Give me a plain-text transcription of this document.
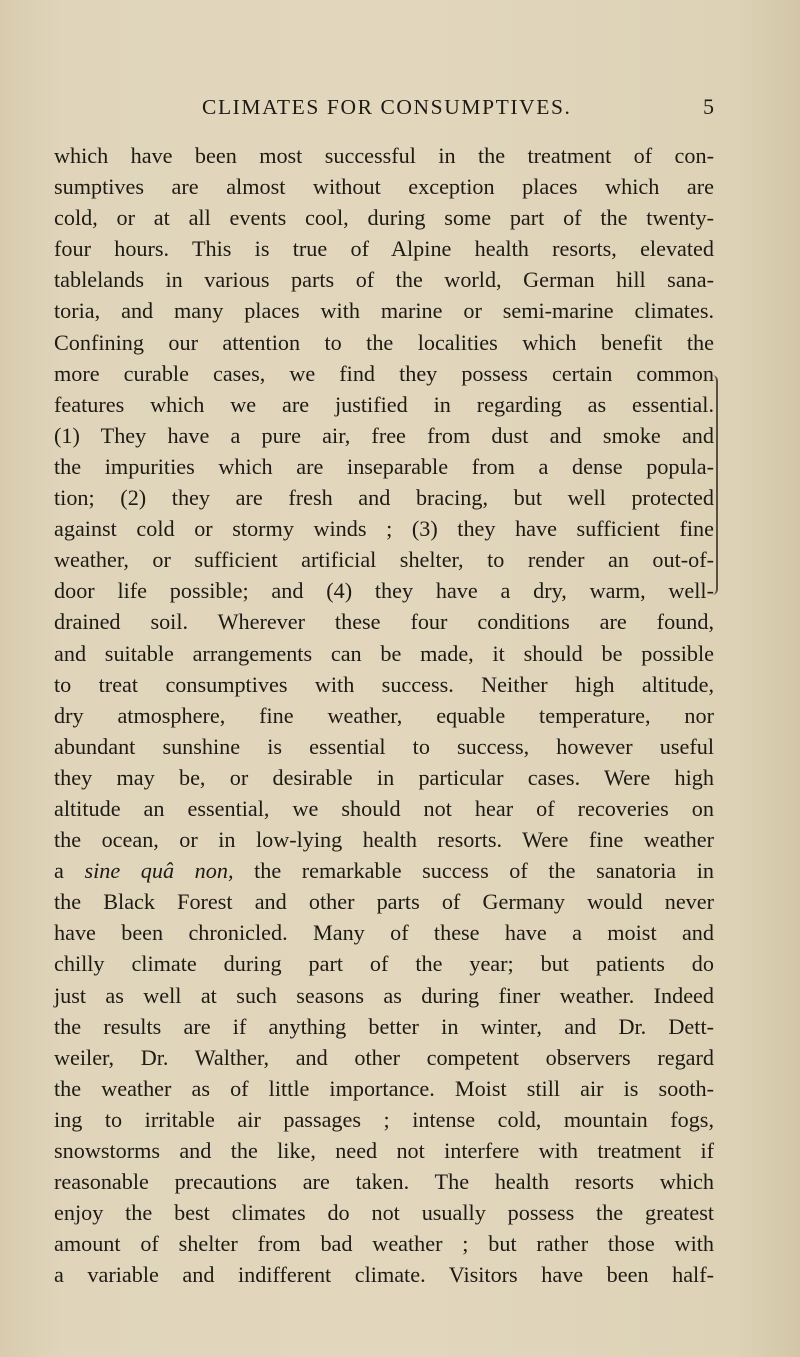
CLIMATES FOR CONSUMPTIVES.	5
which have been most successful in the treatment of con-
sumptives are almost without exception places which are
cold, or at all events cool, during some part of the twenty-
four hours. This is true of Alpine health resorts, elevated
tablelands in various parts of the world, German hill sana-
toria, and many places with marine or semi-marine climates.
Confining our attention to the localities which benefit the
more curable cases, we find they possess certain common
features which we are justified in regarding as essential.
(1) They have a pure air, free from dust and smoke and
the impurities which are inseparable from a dense popula-
tion; (2) they are fresh and bracing, but well protected
against cold or stormy winds ; (3) they have sufficient fine
weather, or sufficient artificial shelter, to render an out-of-
door life possible; and (4) they have a dry, warm, well-
drained soil. Wherever these four conditions are found,
and suitable arrangements can be made, it should be possible
to treat consumptives with success. Neither high altitude,
dry atmosphere, fine weather, equable temperature, nor
abundant sunshine is essential to success, however useful
they may be, or desirable in particular cases. Were high
altitude an essential, we should not hear of recoveries on
the ocean, or in low-lying health resorts. Were fine weather
a sine quâ non, the remarkable success of the sanatoria in
the Black Forest and other parts of Germany would never
have been chronicled. Many of these have a moist and
chilly climate during part of the year; but patients do
just as well at such seasons as during finer weather. Indeed
the results are if anything better in winter, and Dr. Dett-
weiler, Dr. Walther, and other competent observers regard
the weather as of little importance. Moist still air is sooth-
ing to irritable air passages ; intense cold, mountain fogs,
snowstorms and the like, need not interfere with treatment if
reasonable precautions are taken. The health resorts which
enjoy the best climates do not usually possess the greatest
amount of shelter from bad weather ; but rather those with
a variable and indifferent climate. Visitors have been half-
